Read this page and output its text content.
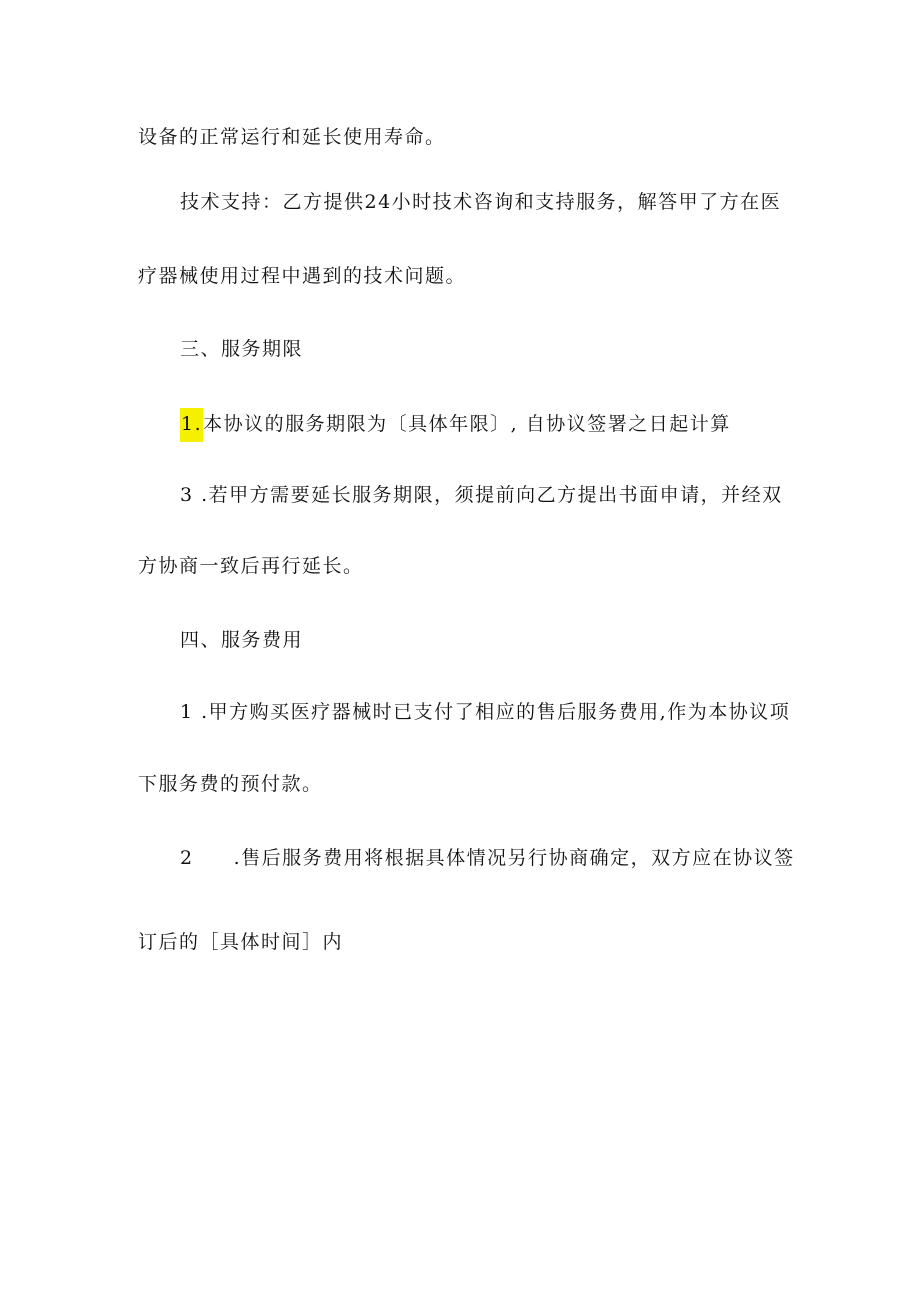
设备的正常运行和延长使用寿命。
技术支持：乙方提供24小时技术咨询和支持服务，解答甲了方在医
疗器械使用过程中遇到的技术问题。
三、服务期限
1.本协议的服务期限为〔具体年限〕, 自协议签署之日起计算
3 .若甲方需要延长服务期限，须提前向乙方提出书面申请，并经双
方协商一致后再行延长。
四、服务费用
1 .甲方购买医疗器械时已支付了相应的售后服务费用,作为本协议项
下服务费的预付款。
2 .售后服务费用将根据具体情况另行协商确定，双方应在协议签
订后的［具体时间］内
